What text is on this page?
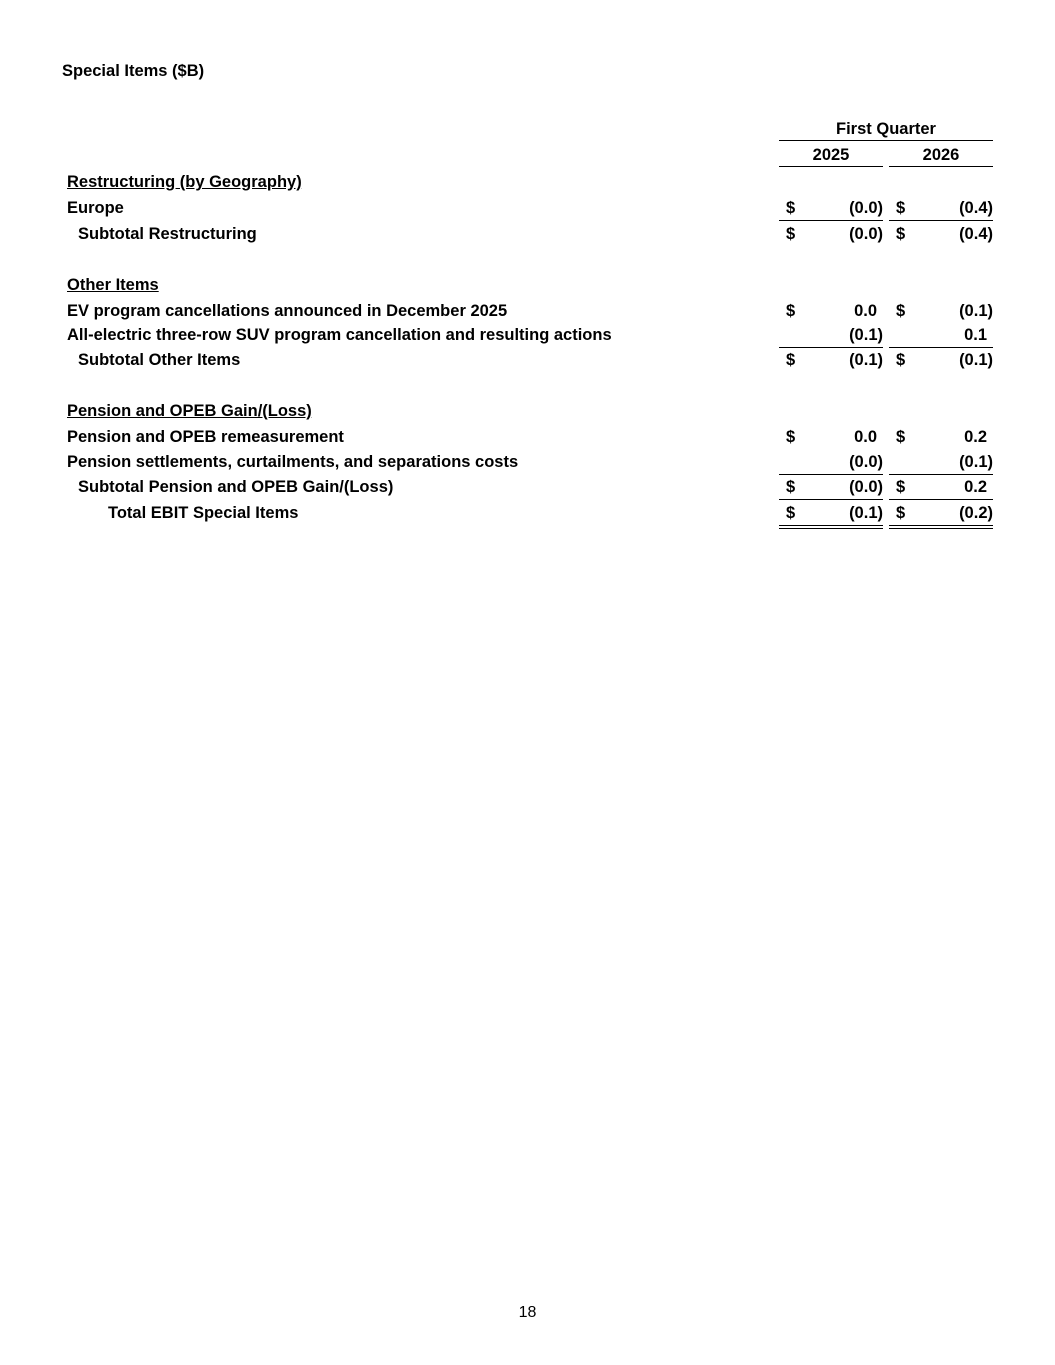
Special Items ($B)
First Quarter
2025	2026
Restructuring (by Geography)
Europe	$	(0.0) $	(0.4)
Subtotal Restructuring	$	(0.0) $	(0.4)
Other Items
EV program cancellations announced in December 2025	$	0.0 $	(0.1)
All-electric three-row SUV program cancellation and resulting actions	(0.1)	0.1
Subtotal Other Items	$	(0.1) $	(0.1)
Pension and OPEB Gain/(Loss)
Pension and OPEB remeasurement	$	0.0 $	0.2
Pension settlements, curtailments, and separations costs	(0.0)	(0.1)
Subtotal Pension and OPEB Gain/(Loss)	$	(0.0) $	0.2
Total EBIT Special Items	$	(0.1) $	(0.2)
18
